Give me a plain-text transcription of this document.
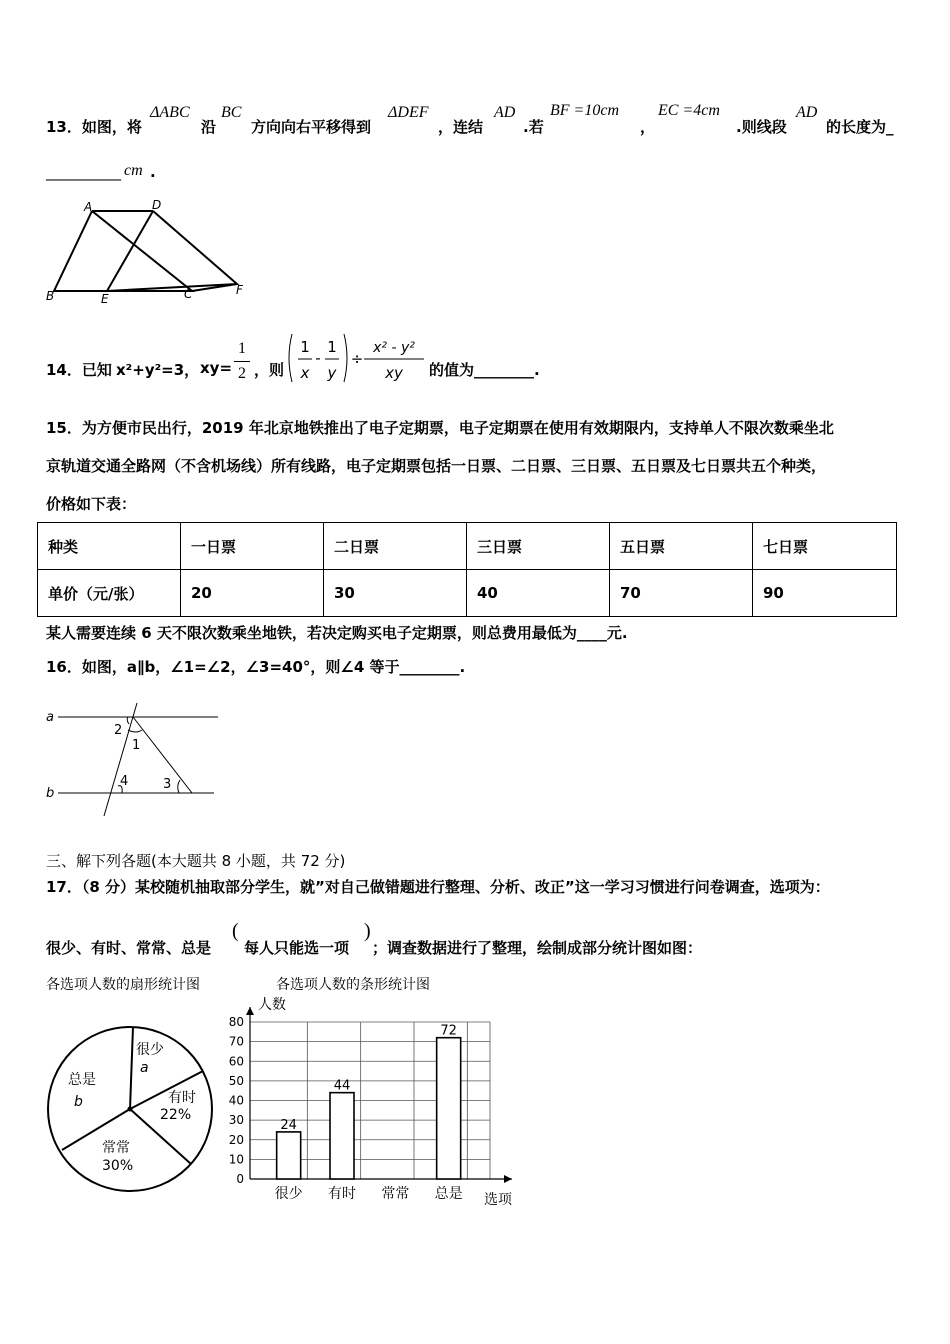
13．如图，将
ΔABC
沿
BC
方向向右平移得到
ΔDEF
，连结
AD
.若
BF =10cm
，
EC =4cm
.则线段
AD
的长度为_
__________ cm .
A	D
B	E	C	F
14．已知 x²+y²=3， xy=
1
2 ，则
1
x
-
1
y
÷
x² - y²
xy 的值为________.
15．为方便市民出行，2019 年北京地铁推出了电子定期票，电子定期票在使用有效期限内，支持单人不限次数乘坐北
京轨道交通全路网（不含机场线）所有线路，电子定期票包括一日票、二日票、三日票、五日票及七日票共五个种类，
价格如下表：
种类	一日票	二日票	三日票	五日票	七日票
单价（元/张）	20	30	40	70	90
某人需要连续 6 天不限次数乘坐地铁，若决定购买电子定期票，则总费用最低为____元.
16．如图，a∥b，∠1=∠2，∠3=40°，则∠4 等于________.
a
b
1
2
3
4
三、解下列各题(本大题共 8 小题，共 72 分)
17．（8 分）某校随机抽取部分学生，就”对自己做错题进行整理、分析、改正”这一学习习惯进行问卷调查，选项为：
很少、有时、常常、总是
(
每人只能选一项
)
；调查数据进行了整理，绘制成部分统计图如图：
各选项人数的扇形统计图
很少
a
有时
22%
总是
b
常常
30%
各选项人数的条形统计图
人数
选项
0
10
20
30
40
50
60
70
80
24
很少
44
有时 常常
72
总是
